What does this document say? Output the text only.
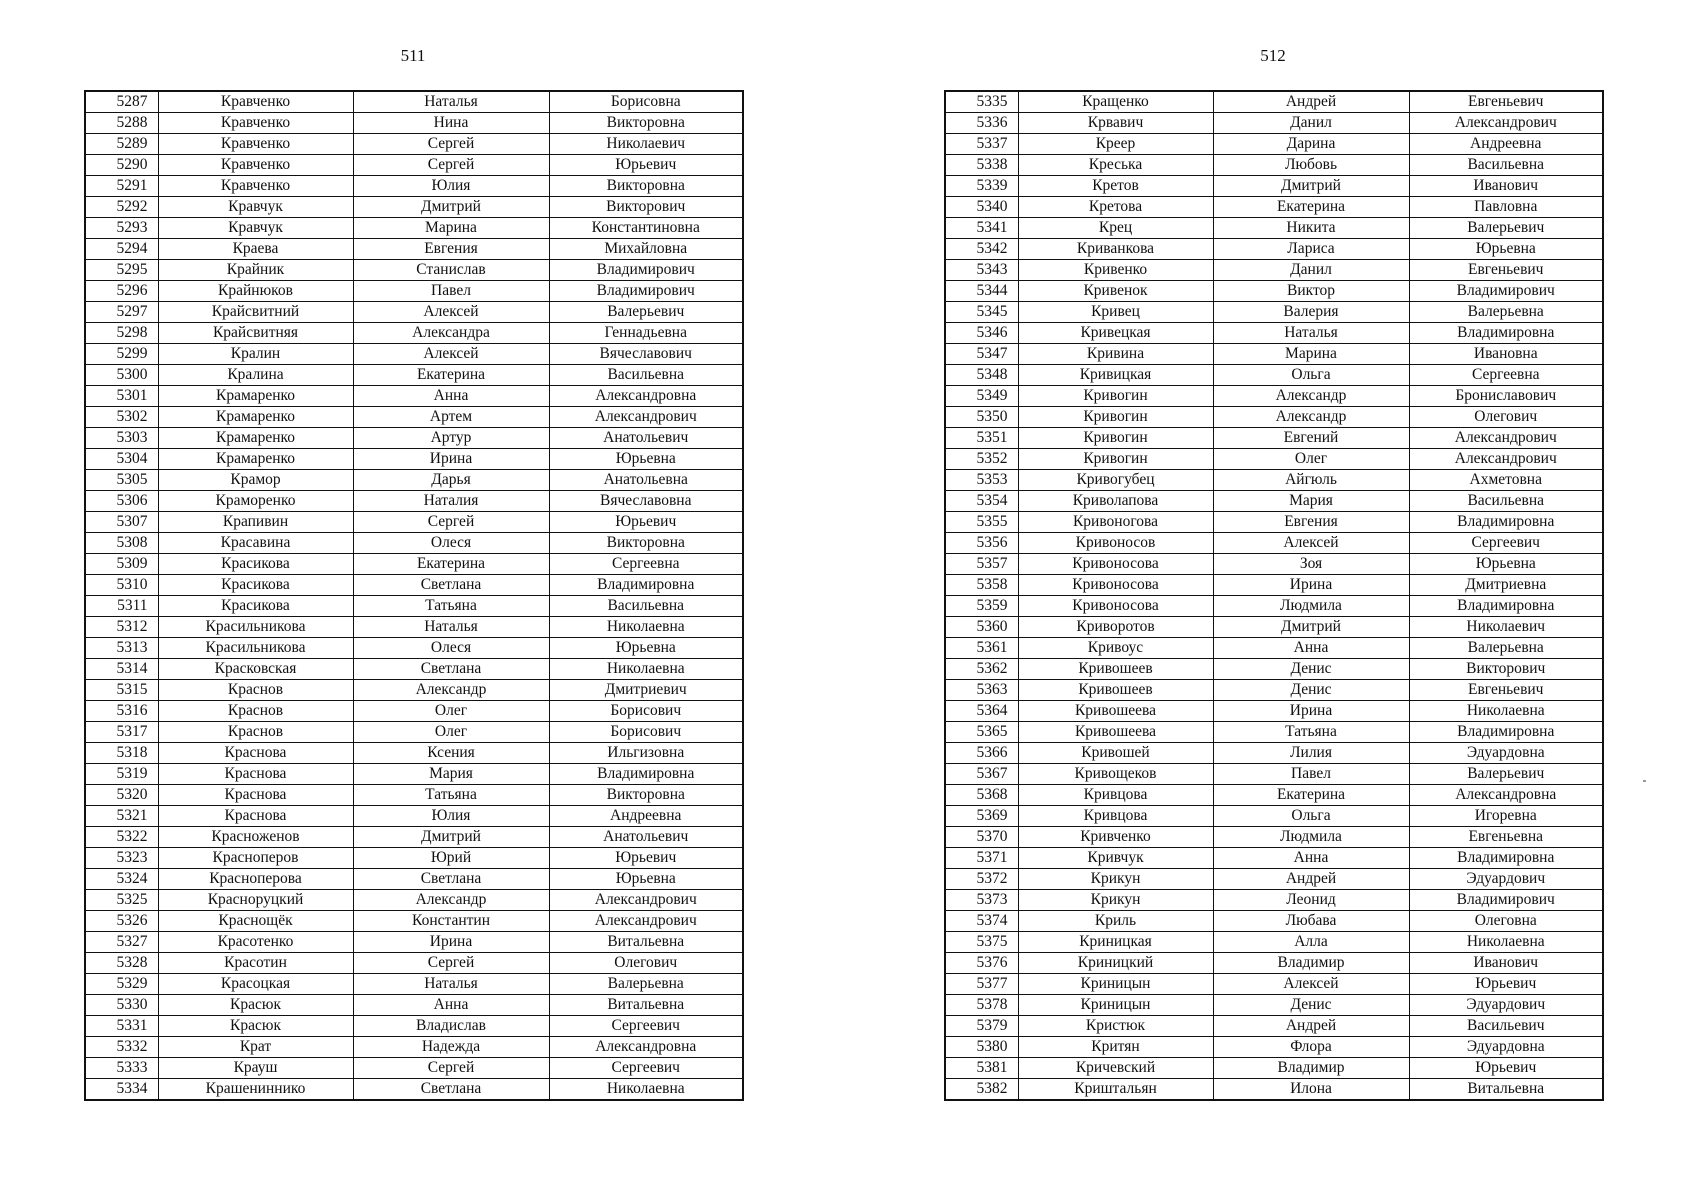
511
5287	Кравченко	Наталья	Борисовна
5288	Кравченко	Нина	Викторовна
5289	Кравченко	Сергей	Николаевич
5290	Кравченко	Сергей	Юрьевич
5291	Кравченко	Юлия	Викторовна
5292	Кравчук	Дмитрий	Викторович
5293	Кравчук	Марина	Константиновна
5294	Краева	Евгения	Михайловна
5295	Крайник	Станислав	Владимирович
5296	Крайнюков	Павел	Владимирович
5297	Крайсвитний	Алексей	Валерьевич
5298	Крайсвитняя	Александра	Геннадьевна
5299	Кралин	Алексей	Вячеславович
5300	Кралина	Екатерина	Васильевна
5301	Крамаренко	Анна	Александровна
5302	Крамаренко	Артем	Александрович
5303	Крамаренко	Артур	Анатольевич
5304	Крамаренко	Ирина	Юрьевна
5305	Крамор	Дарья	Анатольевна
5306	Краморенко	Наталия	Вячеславовна
5307	Крапивин	Сергей	Юрьевич
5308	Красавина	Олеся	Викторовна
5309	Красикова	Екатерина	Сергеевна
5310	Красикова	Светлана	Владимировна
5311	Красикова	Татьяна	Васильевна
5312	Красильникова	Наталья	Николаевна
5313	Красильникова	Олеся	Юрьевна
5314	Красковская	Светлана	Николаевна
5315	Краснов	Александр	Дмитриевич
5316	Краснов	Олег	Борисович
5317	Краснов	Олег	Борисович
5318	Краснова	Ксения	Ильгизовна
5319	Краснова	Мария	Владимировна
5320	Краснова	Татьяна	Викторовна
5321	Краснова	Юлия	Андреевна
5322	Красноженов	Дмитрий	Анатольевич
5323	Красноперов	Юрий	Юрьевич
5324	Красноперова	Светлана	Юрьевна
5325	Красноруцкий	Александр	Александрович
5326	Краснощёк	Константин	Александрович
5327	Красотенко	Ирина	Витальевна
5328	Красотин	Сергей	Олегович
5329	Красоцкая	Наталья	Валерьевна
5330	Красюк	Анна	Витальевна
5331	Красюк	Владислав	Сергеевич
5332	Крат	Надежда	Александровна
5333	Крауш	Сергей	Сергеевич
5334	Крашениннико	Светлана	Николаевна
512
5335	Кращенко	Андрей	Евгеньевич
5336	Крвавич	Данил	Александрович
5337	Креер	Дарина	Андреевна
5338	Креська	Любовь	Васильевна
5339	Кретов	Дмитрий	Иванович
5340	Кретова	Екатерина	Павловна
5341	Крец	Никита	Валерьевич
5342	Криванкова	Лариса	Юрьевна
5343	Кривенко	Данил	Евгеньевич
5344	Кривенок	Виктор	Владимирович
5345	Кривец	Валерия	Валерьевна
5346	Кривецкая	Наталья	Владимировна
5347	Кривина	Марина	Ивановна
5348	Кривицкая	Ольга	Сергеевна
5349	Кривогин	Александр	Брониславович
5350	Кривогин	Александр	Олегович
5351	Кривогин	Евгений	Александрович
5352	Кривогин	Олег	Александрович
5353	Кривогубец	Айгюль	Ахметовна
5354	Криволапова	Мария	Васильевна
5355	Кривоногова	Евгения	Владимировна
5356	Кривоносов	Алексей	Сергеевич
5357	Кривоносова	Зоя	Юрьевна
5358	Кривоносова	Ирина	Дмитриевна
5359	Кривоносова	Людмила	Владимировна
5360	Криворотов	Дмитрий	Николаевич
5361	Кривоус	Анна	Валерьевна
5362	Кривошеев	Денис	Викторович
5363	Кривошеев	Денис	Евгеньевич
5364	Кривошеева	Ирина	Николаевна
5365	Кривошеева	Татьяна	Владимировна
5366	Кривошей	Лилия	Эдуардовна
5367	Кривощеков	Павел	Валерьевич
5368	Кривцова	Екатерина	Александровна
5369	Кривцова	Ольга	Игоревна
5370	Кривченко	Людмила	Евгеньевна
5371	Кривчук	Анна	Владимировна
5372	Крикун	Андрей	Эдуардович
5373	Крикун	Леонид	Владимирович
5374	Криль	Любава	Олеговна
5375	Криницкая	Алла	Николаевна
5376	Криницкий	Владимир	Иванович
5377	Криницын	Алексей	Юрьевич
5378	Криницын	Денис	Эдуардович
5379	Кристюк	Андрей	Васильевич
5380	Критян	Флора	Эдуардовна
5381	Кричевский	Владимир	Юрьевич
5382	Криштальян	Илона	Витальевна
